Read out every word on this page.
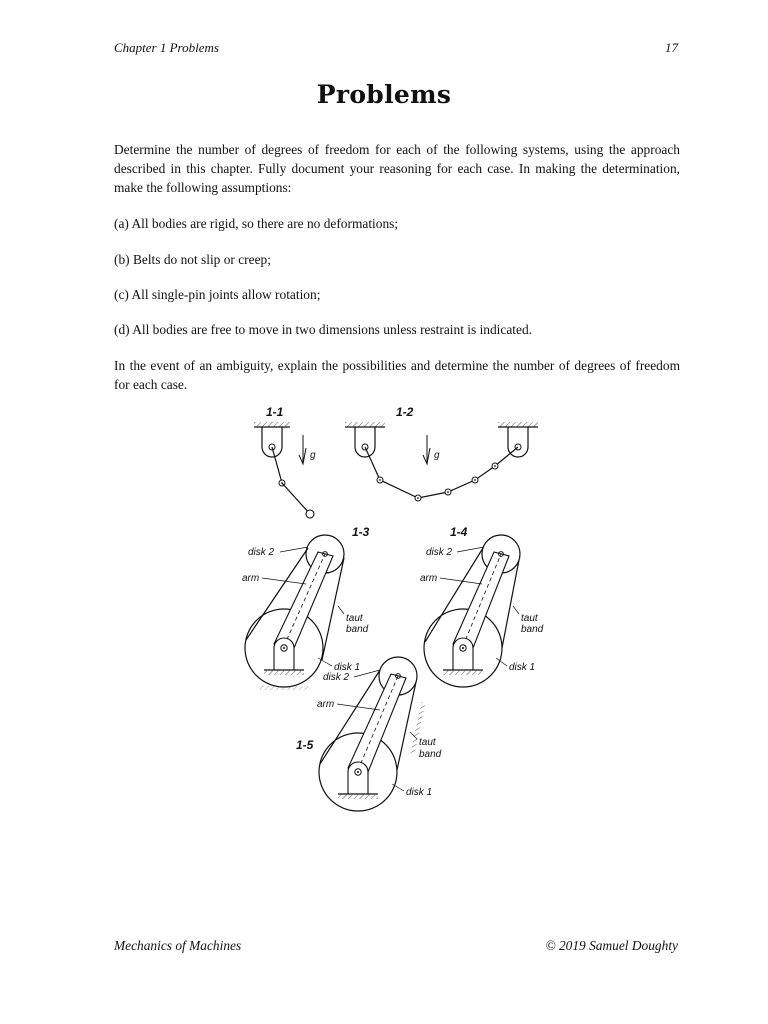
Chapter 1 Problems	17
Problems

Determine the number of degrees of freedom for each of the following systems, using the approach described in this chapter. Fully document your reasoning for each case. In making the determination, make the following assumptions:

(a) All bodies are rigid, so there are no deformations;

(b) Belts do not slip or creep;

(c) All single-pin joints allow rotation;

(d) All bodies are free to move in two dimensions unless restraint is indicated.

In the event of an ambiguity, explain the possibilities and determine the number of degrees of freedom for each case.

1-1
g
1-2
g
1-3
disk 2
arm
taut
band
disk 1
1-4
disk 2
arm
taut
band
disk 1
1-5
disk 2
arm
taut
band
disk 1
Mechanics of Machines	© 2019 Samuel Doughty
